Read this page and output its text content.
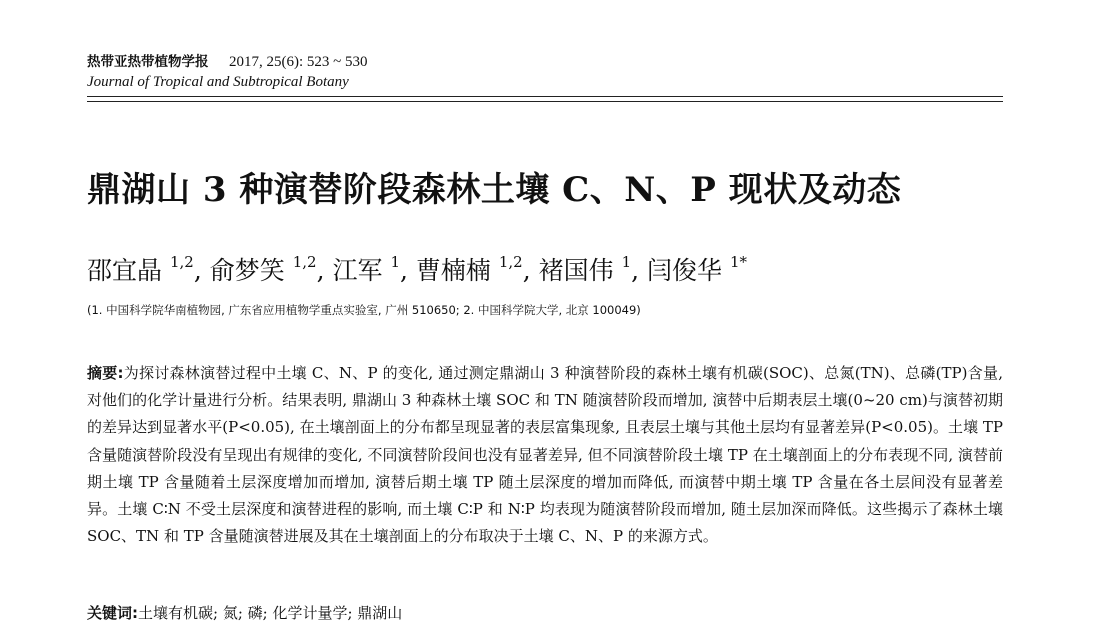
热带亚热带植物学报 2017, 25(6): 523 ~ 530
Journal of Tropical and Subtropical Botany
鼎湖山 3 种演替阶段森林土壤 C、N、P 现状及动态
邵宜晶 $^{1,2}$, 俞梦笑 $^{1,2}$, 江军 $^1$, 曹楠楠 $^{1,2}$, 褚国伟 $^1$, 闫俊华 $^{1*}$
(1. 中国科学院华南植物园, 广东省应用植物学重点实验室, 广州 510650; 2. 中国科学院大学, 北京 100049)
摘要:为探讨森林演替过程中土壤 C、N、P 的变化, 通过测定鼎湖山 3 种演替阶段的森林土壤有机碳(SOC)、总氮(TN)、总磷(TP)含量, 对他们的化学计量进行分析。结果表明, 鼎湖山 3 种森林土壤 SOC 和 TN 随演替阶段而增加, 演替中后期表层土壤(0~20 cm)与演替初期的差异达到显著水平(P<0.05), 在土壤剖面上的分布都呈现显著的表层富集现象, 且表层土壤与其他土层均有显著差异(P<0.05)。土壤 TP 含量随演替阶段没有呈现出有规律的变化, 不同演替阶段间也没有显著差异, 但不同演替阶段土壤 TP 在土壤剖面上的分布表现不同, 演替前期土壤 TP 含量随着土层深度增加而增加, 演替后期土壤 TP 随土层深度的增加而降低, 而演替中期土壤 TP 含量在各土层间没有显著差异。土壤 C∶N 不受土层深度和演替进程的影响, 而土壤 C∶P 和 N∶P 均表现为随演替阶段而增加, 随土层加深而降低。这些揭示了森林土壤 SOC、TN 和 TP 含量随演替进展及其在土壤剖面上的分布取决于土壤 C、N、P 的来源方式。
关键词:土壤有机碳; 氮; 磷; 化学计量学; 鼎湖山
